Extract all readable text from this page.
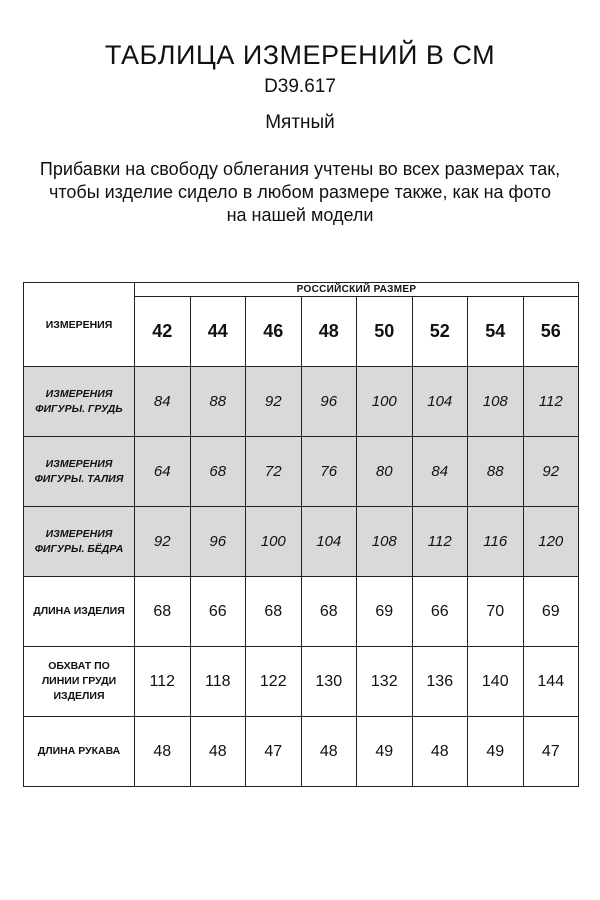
ТАБЛИЦА ИЗМЕРЕНИЙ В СМ
D39.617
Мятный
Прибавки на свободу облегания учтены во всех размерах так,
чтобы изделие сидело в любом размере также, как на фото
на нашей модели
ИЗМЕРЕНИЯ	РОССИЙСКИЙ РАЗМЕР							
	42	44	46	48	50	52	54	56

ИЗМЕРЕНИЯ
ФИГУРЫ. ГРУДЬ	84	88	92	96	100	104	108	112

ИЗМЕРЕНИЯ
ФИГУРЫ. ТАЛИЯ	64	68	72	76	80	84	88	92

ИЗМЕРЕНИЯ
ФИГУРЫ. БЁДРА	92	96	100	104	108	112	116	120

ДЛИНА ИЗДЕЛИЯ	68	66	68	68	69	66	70	69

ОБХВАТ ПО
ЛИНИИ ГРУДИ
ИЗДЕЛИЯ	112	118	122	130	132	136	140	144

ДЛИНА РУКАВА	48	48	47	48	49	48	49	47
